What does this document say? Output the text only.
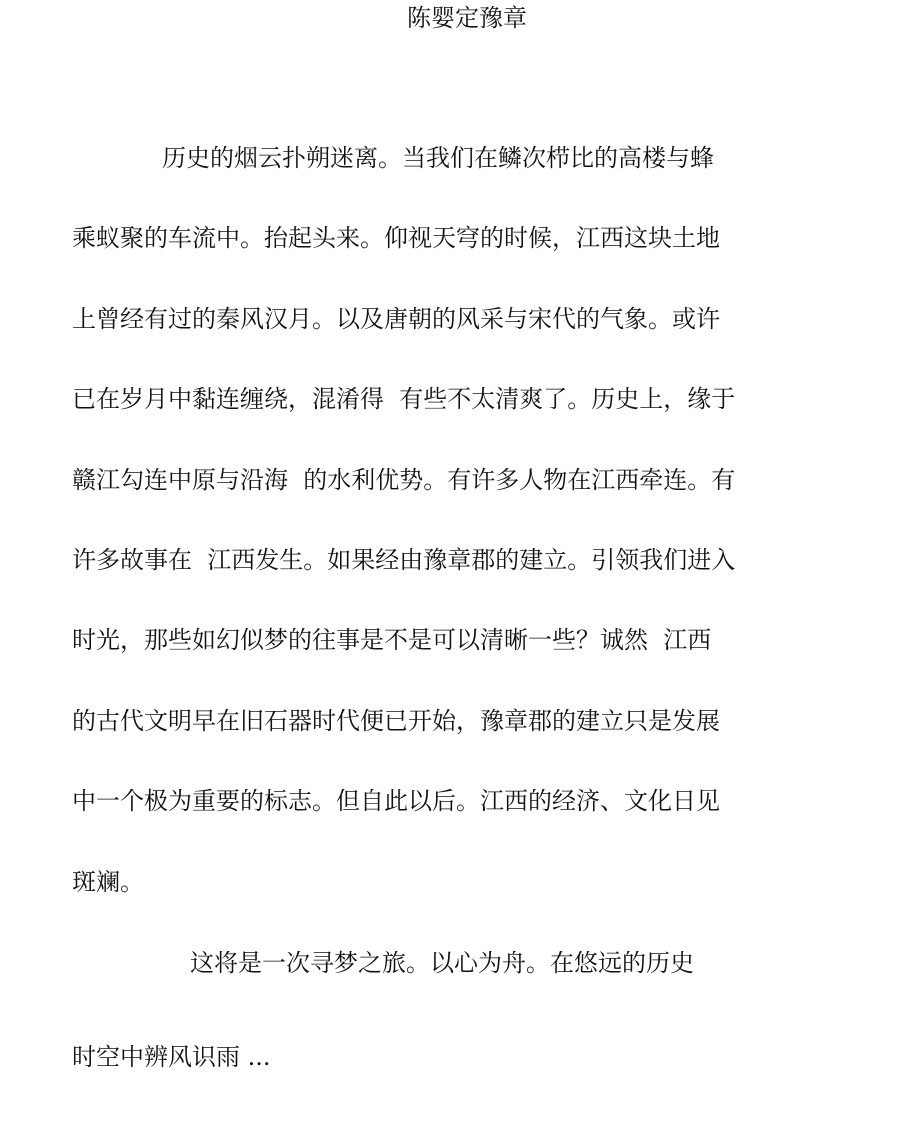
陈婴定豫章
历史的烟云扑朔迷离。当我们在鳞次栉比的高楼与蜂
乘蚁聚的车流中。抬起头来。仰视天穹的时候，江西这块土地
上曾经有过的秦风汉月。以及唐朝的风采与宋代的气象。或许
已在岁月中黏连缠绕，混淆得  有些不太清爽了。历史上，缘于
赣江勾连中原与沿海  的水利优势。有许多人物在江西牵连。有
许多故事在  江西发生。如果经由豫章郡的建立。引领我们进入
时光，那些如幻似梦的往事是不是可以清晰一些？诚然  江西
的古代文明早在旧石器时代便已开始，豫章郡的建立只是发展
中一个极为重要的标志。但自此以后。江西的经济、文化日见
斑斓。
这将是一次寻梦之旅。以心为舟。在悠远的历史
时空中辨风识雨 ...
